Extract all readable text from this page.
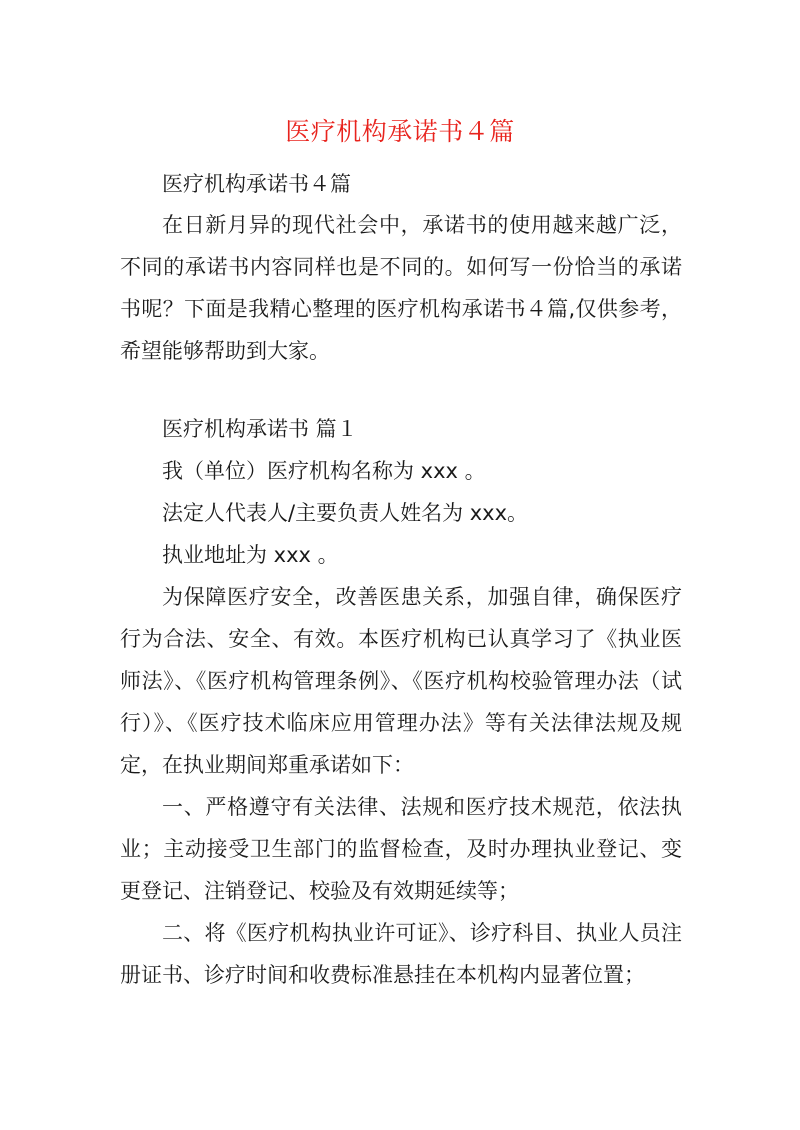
医疗机构承诺书４篇

医疗机构承诺书４篇

在日新月异的现代社会中，承诺书的使用越来越广泛，不同的承诺书内容同样也是不同的。如何写一份恰当的承诺书呢？下面是我精心整理的医疗机构承诺书４篇,仅供参考，希望能够帮助到大家。

医疗机构承诺书 篇１

我（单位）医疗机构名称为 xxx 。

法定人代表人/主要负责人姓名为 xxx。

执业地址为 xxx 。

为保障医疗安全，改善医患关系，加强自律，确保医疗行为合法、安全、有效。本医疗机构已认真学习了《执业医师法》、《医疗机构管理条例》、《医疗机构校验管理办法（试行）》、《医疗技术临床应用管理办法》等有关法律法规及规定，在执业期间郑重承诺如下：

一、严格遵守有关法律、法规和医疗技术规范，依法执业；主动接受卫生部门的监督检查，及时办理执业登记、变更登记、注销登记、校验及有效期延续等；

二、将《医疗机构执业许可证》、诊疗科目、执业人员注册证书、诊疗时间和收费标准悬挂在本机构内显著位置；
